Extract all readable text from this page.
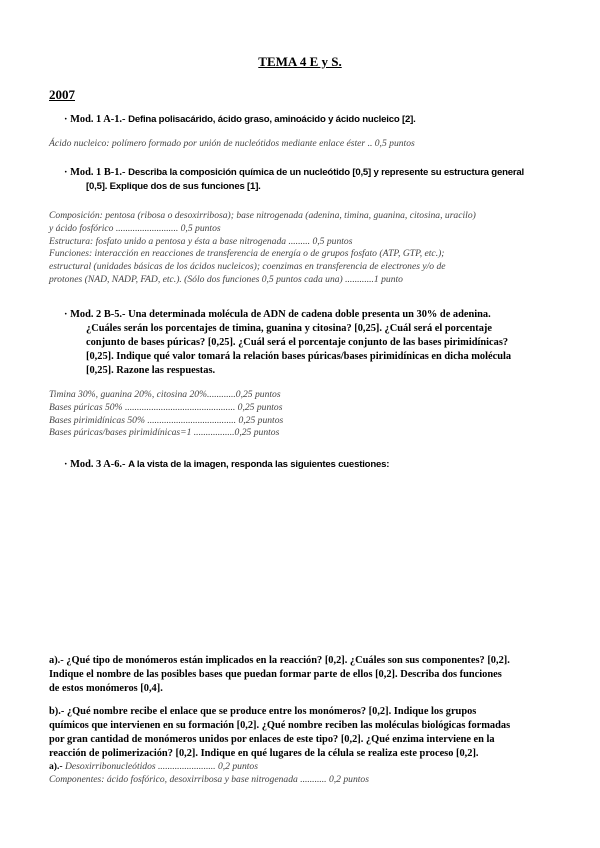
TEMA 4 E y S.
2007
· Mod. 1 A-1.- Defina polisacárido, ácido graso, aminoácido y ácido nucleico [2].
Ácido nucleico: polímero formado por unión de nucleótidos mediante enlace éster .. 0,5 puntos
· Mod. 1 B-1.- Describa la composición química de un nucleótido [0,5] y represente su estructura general
[0,5]. Explique dos de sus funciones [1].
Composición: pentosa (ribosa o desoxirribosa); base nitrogenada (adenina, timina, guanina, citosina, uracilo)
y ácido fosfórico .......................... 0,5 puntos
Estructura: fosfato unido a pentosa y ésta a base nitrogenada ......... 0,5 puntos
Funciones: interacción en reacciones de transferencia de energía o de grupos fosfato (ATP, GTP, etc.);
estructural (unidades básicas de los ácidos nucleicos); coenzimas en transferencia de electrones y/o de
protones (NAD, NADP, FAD, etc.). (Sólo dos funciones 0,5 puntos cada una) ............1 punto
· Mod. 2 B-5.- Una determinada molécula de ADN de cadena doble presenta un 30% de adenina.
¿Cuáles serán los porcentajes de timina, guanina y citosina? [0,25]. ¿Cuál será el porcentaje
conjunto de bases púricas? [0,25]. ¿Cuál será el porcentaje conjunto de las bases pirimidínicas?
[0,25]. Indique qué valor tomará la relación bases púricas/bases pirimidínicas en dicha molécula
[0,25]. Razone las respuestas.
Timina 30%, guanina 20%, citosina 20%............0,25 puntos
Bases púricas 50% .............................................. 0,25 puntos
Bases pirimidínicas 50% ..................................... 0,25 puntos
Bases púricas/bases pirimidínicas=1 .................0,25 puntos
· Mod. 3 A-6.- A la vista de la imagen, responda las siguientes cuestiones:
a).- ¿Qué tipo de monómeros están implicados en la reacción? [0,2]. ¿Cuáles son sus componentes? [0,2].
Indique el nombre de las posibles bases que puedan formar parte de ellos [0,2]. Describa dos funciones
de estos monómeros [0,4].
b).- ¿Qué nombre recibe el enlace que se produce entre los monómeros? [0,2]. Indique los grupos
químicos que intervienen en su formación [0,2]. ¿Qué nombre reciben las moléculas biológicas formadas
por gran cantidad de monómeros unidos por enlaces de este tipo? [0,2]. ¿Qué enzima interviene en la
reacción de polimerización? [0,2]. Indique en qué lugares de la célula se realiza este proceso [0,2].
a).- Desoxirribonucleótidos ........................ 0,2 puntos
Componentes: ácido fosfórico, desoxirribosa y base nitrogenada ........... 0,2 puntos
